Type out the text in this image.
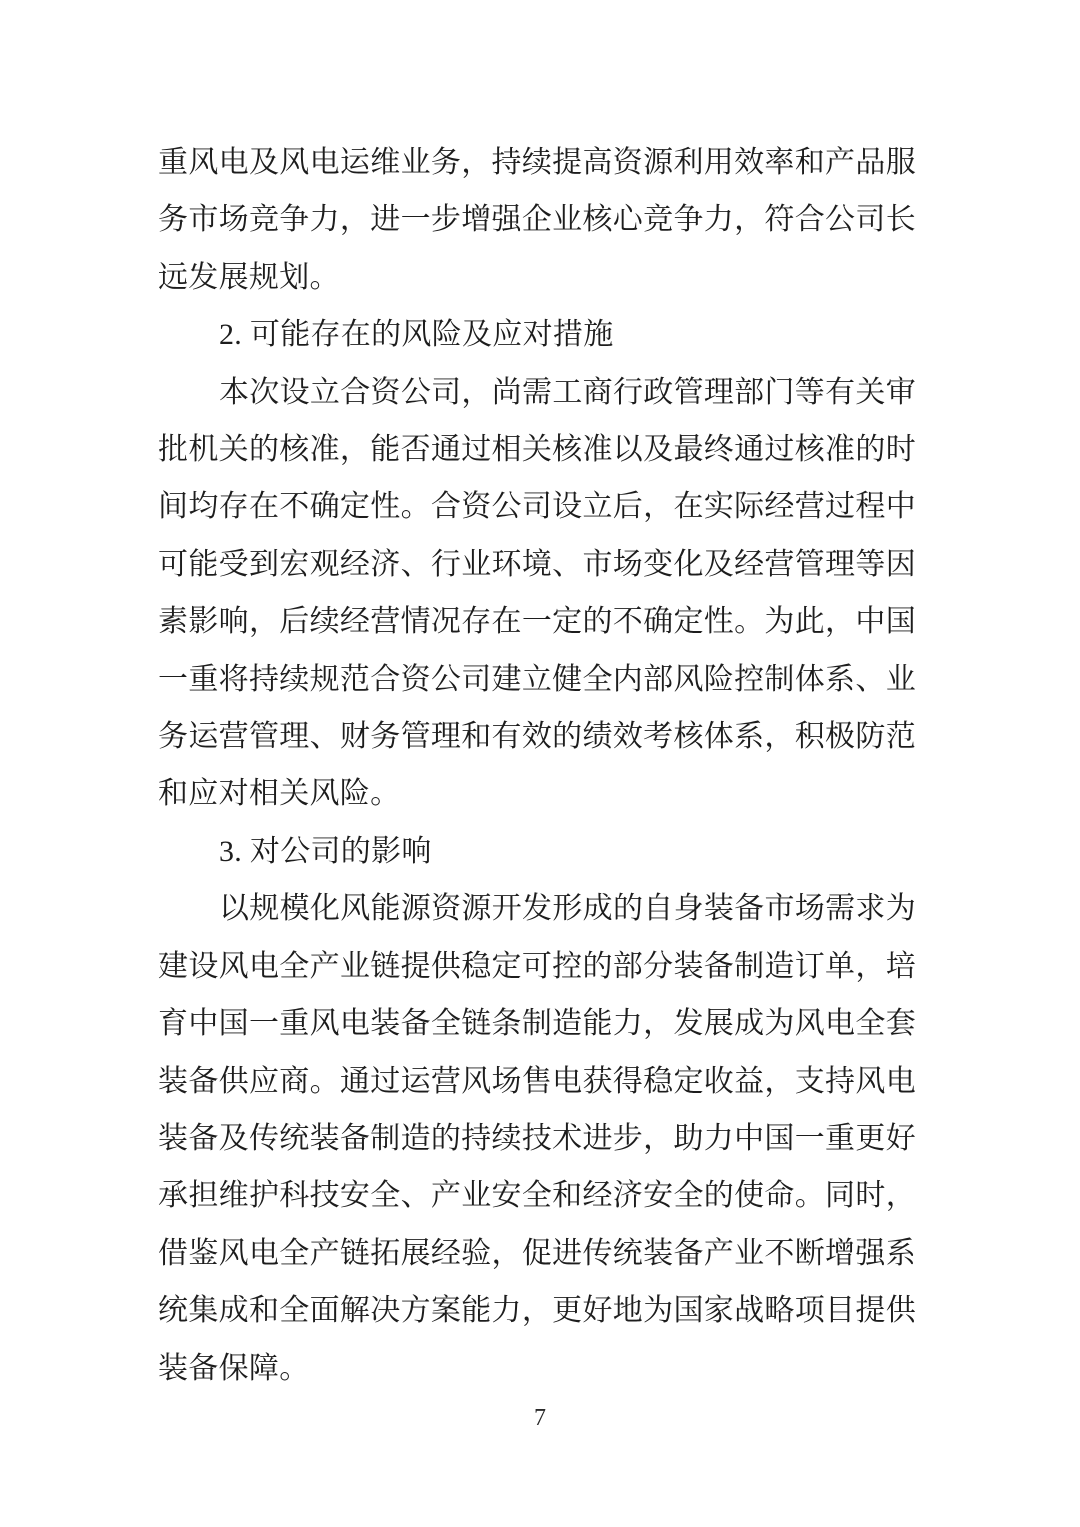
重风电及风电运维业务，持续提高资源利用效率和产品服务市场竞争力，进一步增强企业核心竞争力，符合公司长远发展规划。

2. 可能存在的风险及应对措施

本次设立合资公司，尚需工商行政管理部门等有关审批机关的核准，能否通过相关核准以及最终通过核准的时间均存在不确定性。合资公司设立后，在实际经营过程中可能受到宏观经济、行业环境、市场变化及经营管理等因素影响，后续经营情况存在一定的不确定性。为此，中国一重将持续规范合资公司建立健全内部风险控制体系、业务运营管理、财务管理和有效的绩效考核体系，积极防范和应对相关风险。

3. 对公司的影响

以规模化风能源资源开发形成的自身装备市场需求为建设风电全产业链提供稳定可控的部分装备制造订单，培育中国一重风电装备全链条制造能力，发展成为风电全套装备供应商。通过运营风场售电获得稳定收益，支持风电装备及传统装备制造的持续技术进步，助力中国一重更好承担维护科技安全、产业安全和经济安全的使命。同时，借鉴风电全产链拓展经验，促进传统装备产业不断增强系统集成和全面解决方案能力，更好地为国家战略项目提供装备保障。

7
